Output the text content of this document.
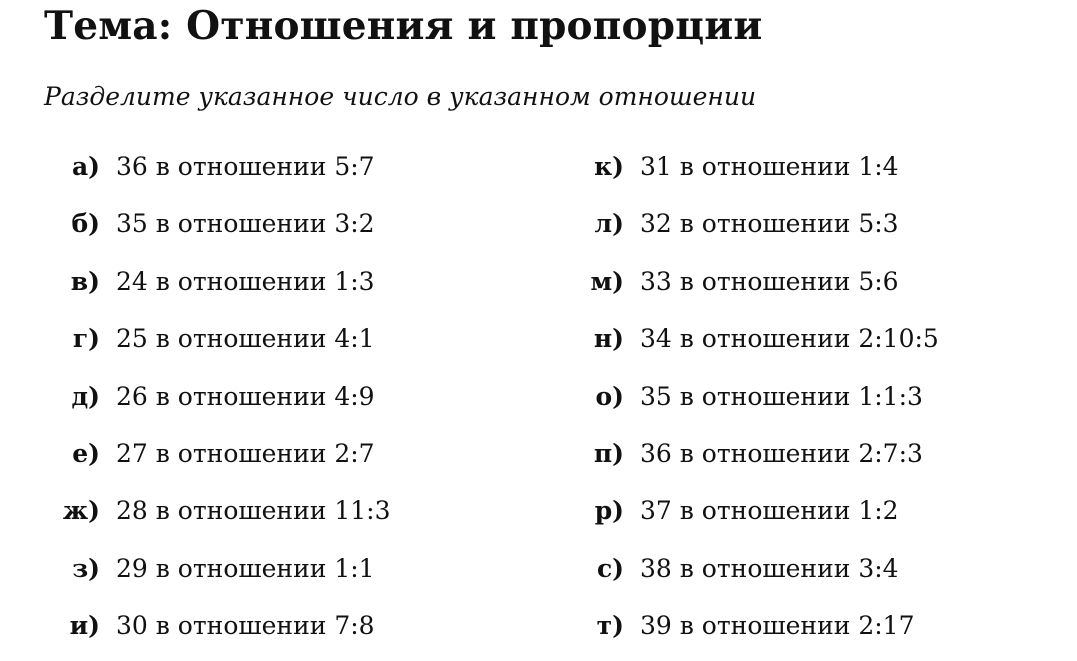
Тема: Отношения и пропорции
Разделите указанное число в указанном отношении
а) 36 в отношении 5:7
б) 35 в отношении 3:2
в) 24 в отношении 1:3
г) 25 в отношении 4:1
д) 26 в отношении 4:9
е) 27 в отношении 2:7
ж) 28 в отношении 11:3
з) 29 в отношении 1:1
и) 30 в отношении 7:8
к) 31 в отношении 1:4
л) 32 в отношении 5:3
м) 33 в отношении 5:6
н) 34 в отношении 2:10:5
о) 35 в отношении 1:1:3
п) 36 в отношении 2:7:3
р) 37 в отношении 1:2
с) 38 в отношении 3:4
т) 39 в отношении 2:17
